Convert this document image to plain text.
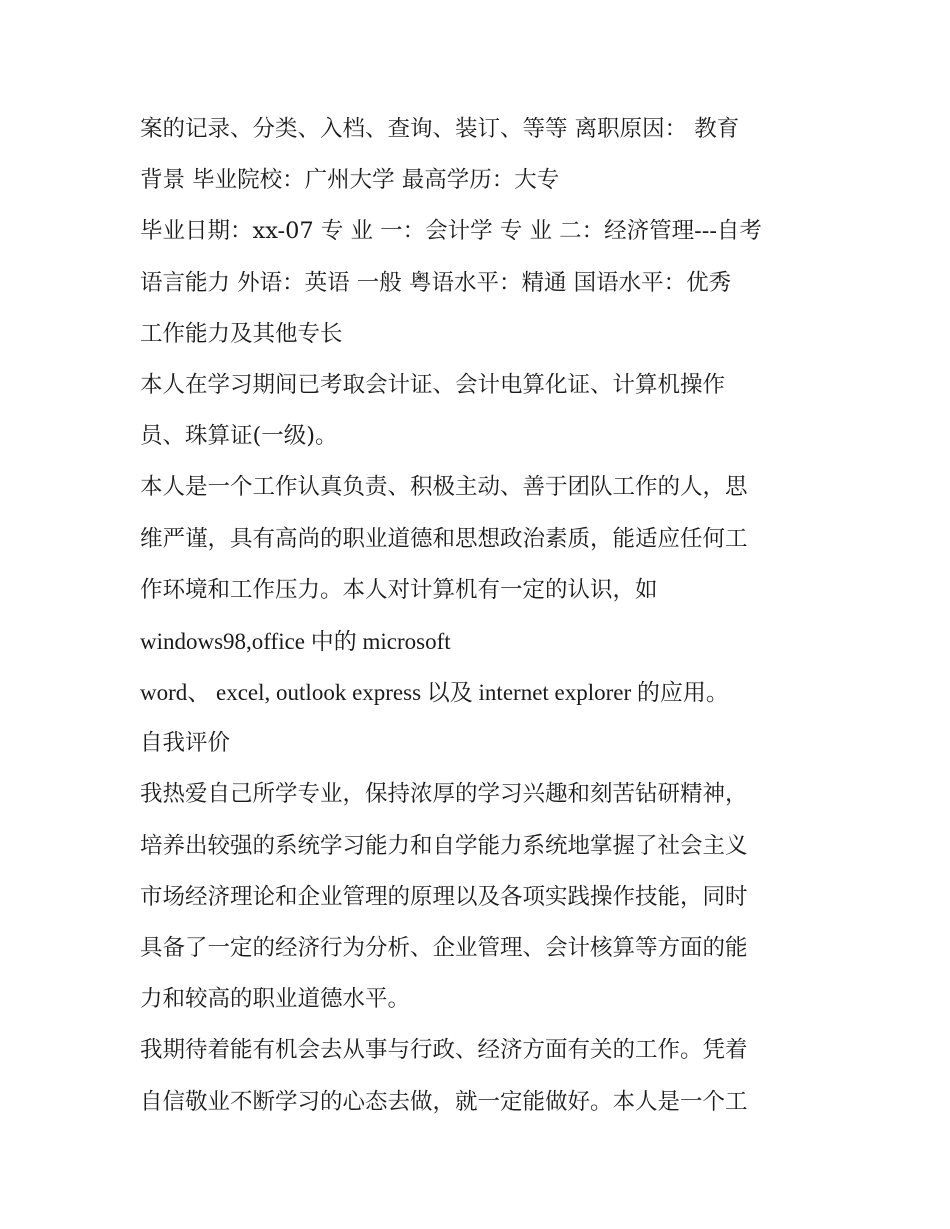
案的记录、分类、入档、查询、装订、等等 离职原因： 教育
背景 毕业院校：广州大学 最高学历：大专
毕业日期：xx-07 专 业 一：会计学 专 业 二：经济管理---自考
语言能力 外语：英语 一般 粤语水平：精通 国语水平：优秀
工作能力及其他专长
本人在学习期间已考取会计证、会计电算化证、计算机操作
员、珠算证(一级)。
本人是一个工作认真负责、积极主动、善于团队工作的人，思
维严谨，具有高尚的职业道德和思想政治素质，能适应任何工
作环境和工作压力。本人对计算机有一定的认识，如
windows98,office 中的 microsoft
word、 excel, outlook express 以及 internet explorer 的应用。
自我评价
我热爱自己所学专业，保持浓厚的学习兴趣和刻苦钻研精神，
培养出较强的系统学习能力和自学能力系统地掌握了社会主义
市场经济理论和企业管理的原理以及各项实践操作技能，同时
具备了一定的经济行为分析、企业管理、会计核算等方面的能
力和较高的职业道德水平。
我期待着能有机会去从事与行政、经济方面有关的工作。凭着
自信敬业不断学习的心态去做，就一定能做好。本人是一个工
